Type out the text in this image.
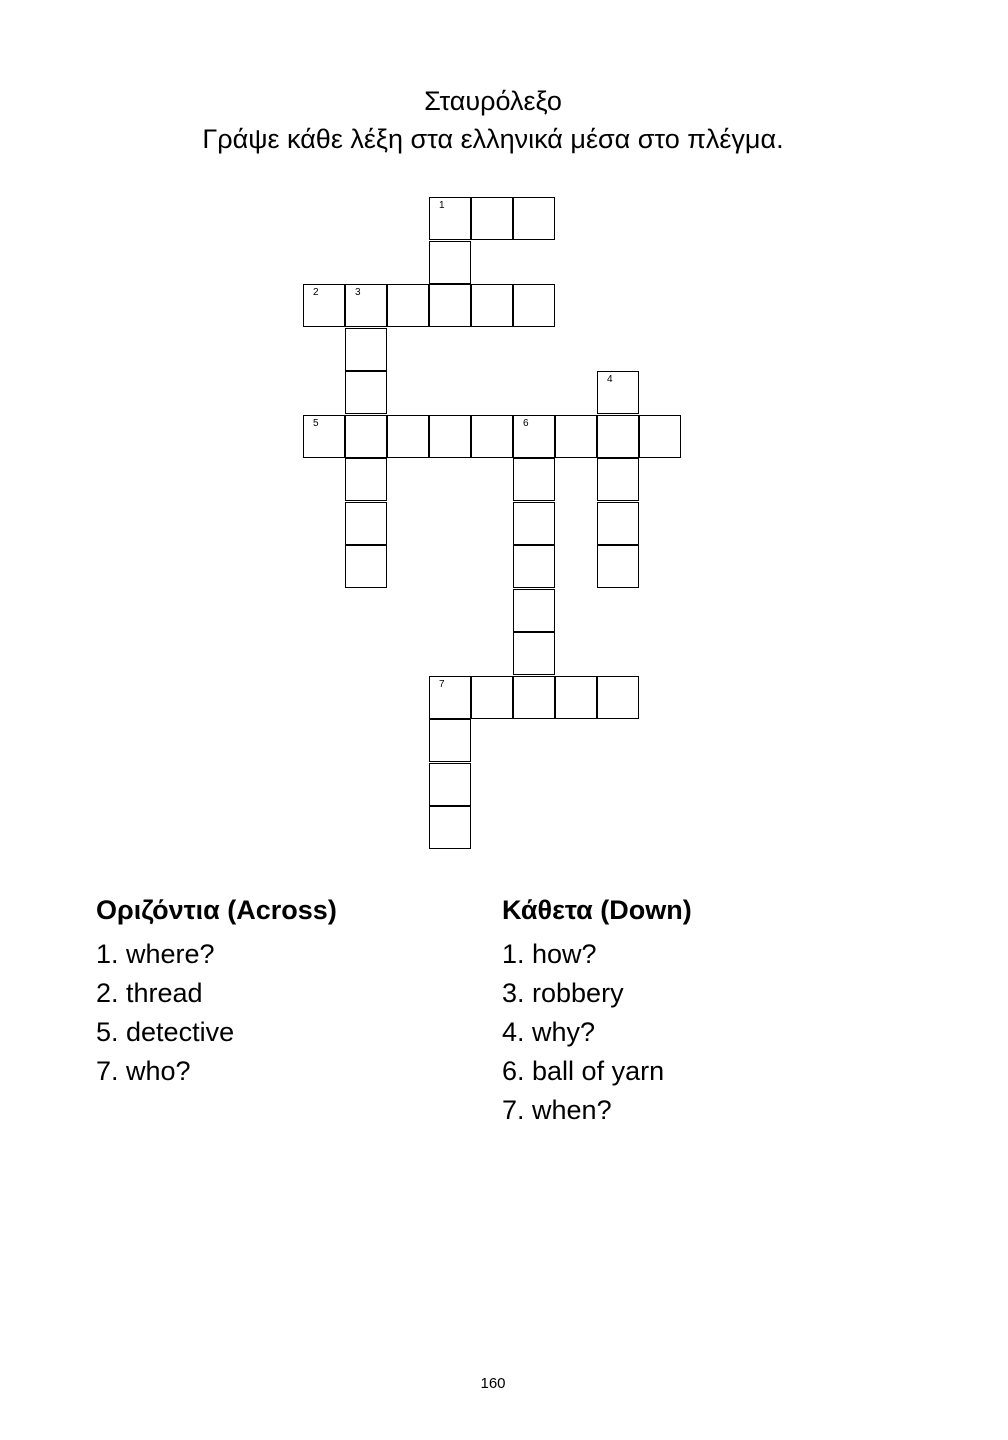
Σταυρόλεξο
Γράψε κάθε λέξη στα ελληνικά μέσα στο πλέγμα.
1
2	3
4
5	6
7
Οριζόντια (Across)
1. where?
2. thread
5. detective
7. who?
Κάθετα (Down)
1. how?
3. robbery
4. why?
6. ball of yarn
7. when?
160
